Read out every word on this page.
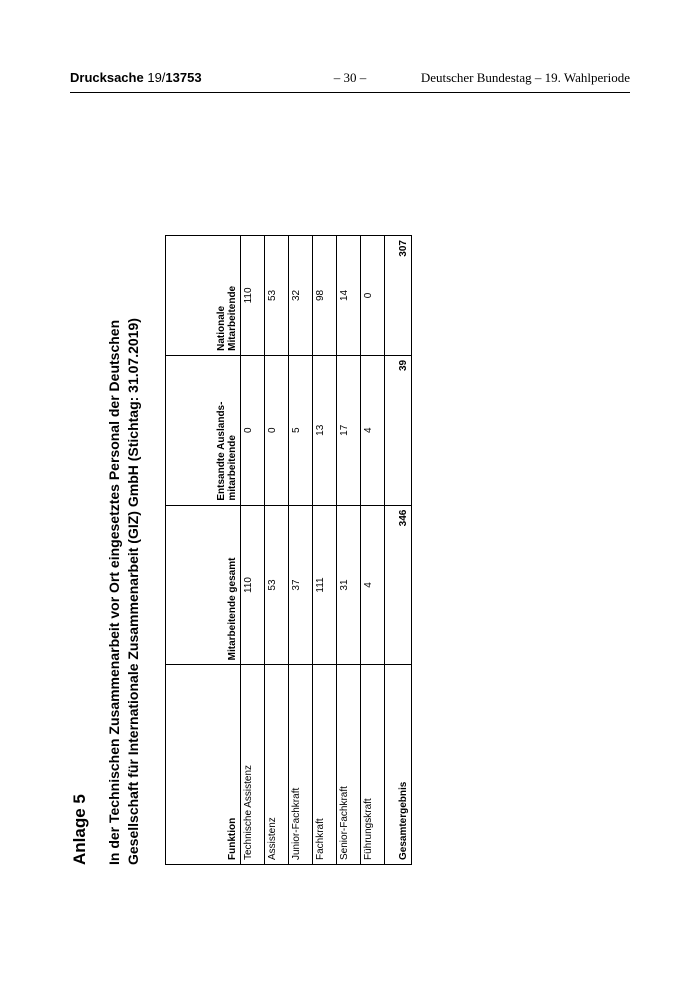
Drucksache 19/13753	– 30 –	Deutscher Bundestag – 19. Wahlperiode
Anlage 5 In der Technischen Zusammenarbeit vor Ort eingesetztes Personal der Deutschen Gesellschaft für Internationale Zusammenarbeit (GIZ) GmbH (Stichtag: 31.07.2019)	Funktion	Mitarbeitende gesamt	Entsandte Auslands-mitarbeitende	Nationale Mitarbeitende
Technische Assistenz	110	0	110
Assistenz	53	0	53
Junior-Fachkraft	37	5	32
Fachkraft	111	13	98
Senior-Fachkraft	31	17	14
Führungskraft	4	4	0
Gesamtergebnis	346	39	307
